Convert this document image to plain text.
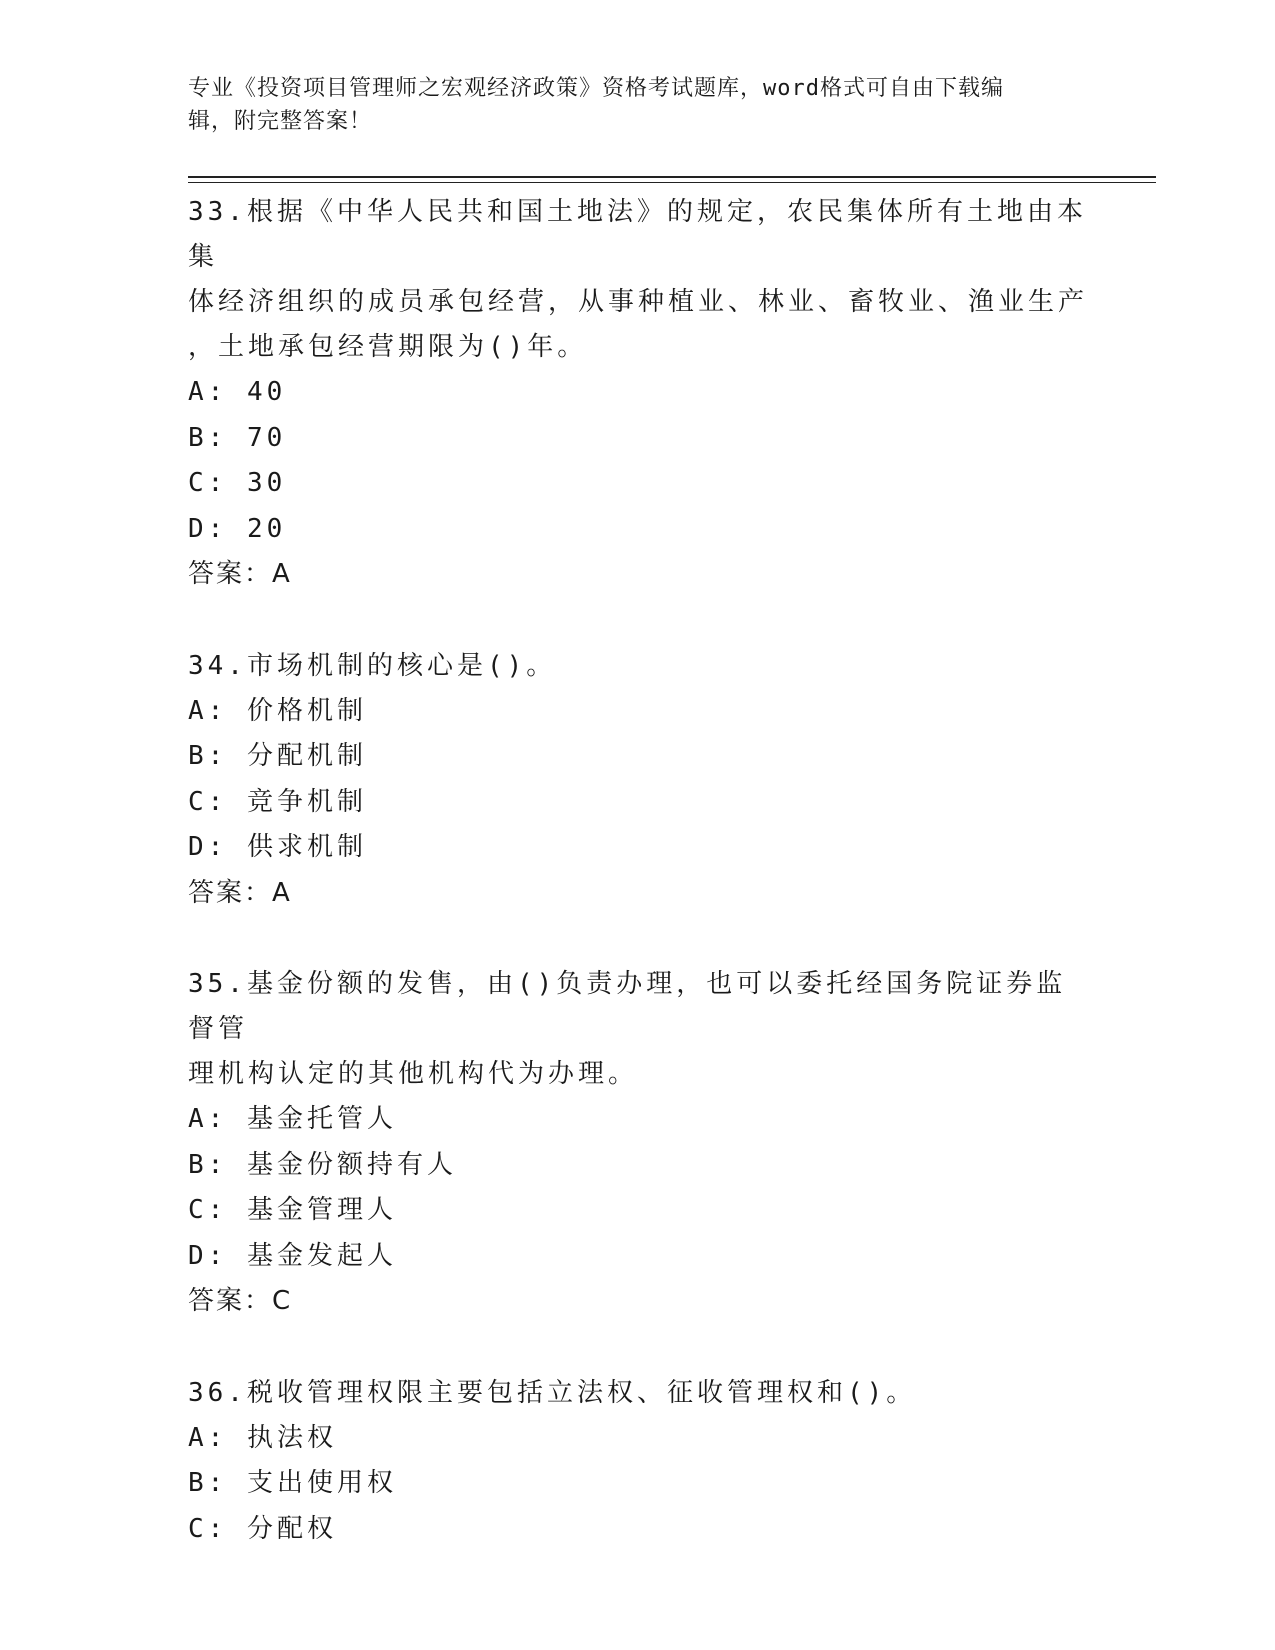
专业《投资项目管理师之宏观经济政策》资格考试题库，word格式可自由下载编
辑，附完整答案！
33.根据《中华人民共和国土地法》的规定，农民集体所有土地由本集
体经济组织的成员承包经营，从事种植业、林业、畜牧业、渔业生产
，土地承包经营期限为()年。
A: 40
B: 70
C: 30
D: 20
答案：A
34.市场机制的核心是()。
A: 价格机制
B: 分配机制
C: 竞争机制
D: 供求机制
答案：A
35.基金份额的发售，由()负责办理，也可以委托经国务院证券监督管
理机构认定的其他机构代为办理。
A: 基金托管人
B: 基金份额持有人
C: 基金管理人
D: 基金发起人
答案：C
36.税收管理权限主要包括立法权、征收管理权和()。
A: 执法权
B: 支出使用权
C: 分配权
